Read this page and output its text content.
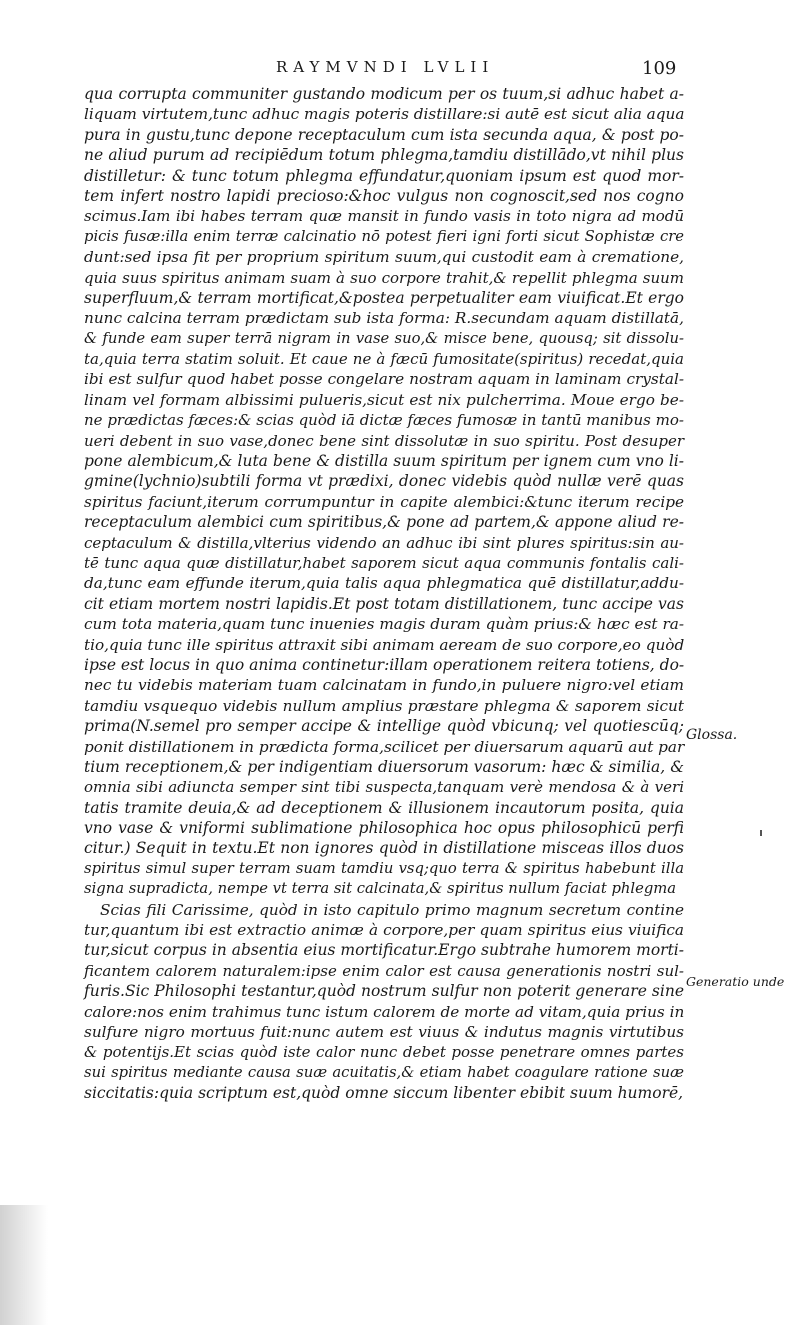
RAYMVNDI LVLII	109
qua corrupta communiter gustando modicum per os tuum,si adhuc habet a-
liquam virtutem,tunc adhuc magis poteris distillare:si autē est sicut alia aqua
pura in gustu,tunc depone receptaculum cum ista secunda aqua, & post po-
ne aliud purum ad recipiēdum totum phlegma,tamdiu distillādo,vt nihil plus
distilletur: & tunc totum phlegma effundatur,quoniam ipsum est quod mor-
tem infert nostro lapidi precioso:&hoc vulgus non cognoscit,sed nos cogno
scimus.Iam ibi habes terram quæ mansit in fundo vasis in toto nigra ad modū
picis fusæ:illa enim terræ calcinatio nō potest fieri igni forti sicut Sophistæ cre
dunt:sed ipsa fit per proprium spiritum suum,qui custodit eam à crematione,
quia suus spiritus animam suam à suo corpore trahit,& repellit phlegma suum
superfluum,& terram mortificat,&postea perpetualiter eam viuificat.Et ergo
nunc calcina terram prædictam sub ista forma: R.secundam aquam distillatā,
& funde eam super terrā nigram in vase suo,& misce bene, quousq; sit dissolu-
ta,quia terra statim soluit. Et caue ne à fæcū fumositate(spiritus) recedat,quia
ibi est sulfur quod habet posse congelare nostram aquam in laminam crystal-
linam vel formam albissimi pulueris,sicut est nix pulcherrima. Moue ergo be-
ne prædictas fæces:& scias quòd iā dictæ fæces fumosæ in tantū manibus mo-
ueri debent in suo vase,donec bene sint dissolutæ in suo spiritu. Post desuper
pone alembicum,& luta bene & distilla suum spiritum per ignem cum vno li-
gmine(lychnio)subtili forma vt prædixi, donec videbis quòd nullæ verē quas
spiritus faciunt,iterum corrumpuntur in capite alembici:&tunc iterum recipe
receptaculum alembici cum spiritibus,& pone ad partem,& appone aliud re-
ceptaculum & distilla,vlterius videndo an adhuc ibi sint plures spiritus:sin au-
tē tunc aqua quæ distillatur,habet saporem sicut aqua communis fontalis cali-
da,tunc eam effunde iterum,quia talis aqua phlegmatica quē distillatur,addu-
cit etiam mortem nostri lapidis.Et post totam distillationem, tunc accipe vas
cum tota materia,quam tunc inuenies magis duram quàm prius:& hæc est ra-
tio,quia tunc ille spiritus attraxit sibi animam aeream de suo corpore,eo quòd
ipse est locus in quo anima continetur:illam operationem reitera totiens, do-
nec tu videbis materiam tuam calcinatam in fundo,in puluere nigro:vel etiam
tamdiu vsquequo videbis nullum amplius præstare phlegma & saporem sicut
prima(N.semel pro semper accipe & intellige quòd vbicunq; vel quotiescūq;
ponit distillationem in prædicta forma,scilicet per diuersarum aquarū aut par
tium receptionem,& per indigentiam diuersorum vasorum: hæc & similia, &
omnia sibi adiuncta semper sint tibi suspecta,tanquam verè mendosa & à veri
tatis tramite deuia,& ad deceptionem & illusionem incautorum posita, quia
vno vase & vniformi sublimatione philosophica hoc opus philosophicū perfi
citur.) Sequit in textu.Et non ignores quòd in distillatione misceas illos duos
spiritus simul super terram suam tamdiu vsq;quo terra & spiritus habebunt illa
signa supradicta, nempe vt terra sit calcinata,& spiritus nullum faciat phlegma
Scias fili Carissime, quòd in isto capitulo primo magnum secretum contine
tur,quantum ibi est extractio animæ à corpore,per quam spiritus eius viuifica
tur,sicut corpus in absentia eius mortificatur.Ergo subtrahe humorem morti-
ficantem calorem naturalem:ipse enim calor est causa generationis nostri sul-
furis.Sic Philosophi testantur,quòd nostrum sulfur non poterit generare sine
calore:nos enim trahimus tunc istum calorem de morte ad vitam,quia prius in
sulfure nigro mortuus fuit:nunc autem est viuus & indutus magnis virtutibus
& potentijs.Et scias quòd iste calor nunc debet posse penetrare omnes partes
sui spiritus mediante causa suæ acuitatis,& etiam habet coagulare ratione suæ
siccitatis:quia scriptum est,quòd omne siccum libenter ebibit suum humorē,
Glossa.
Generatio unde
